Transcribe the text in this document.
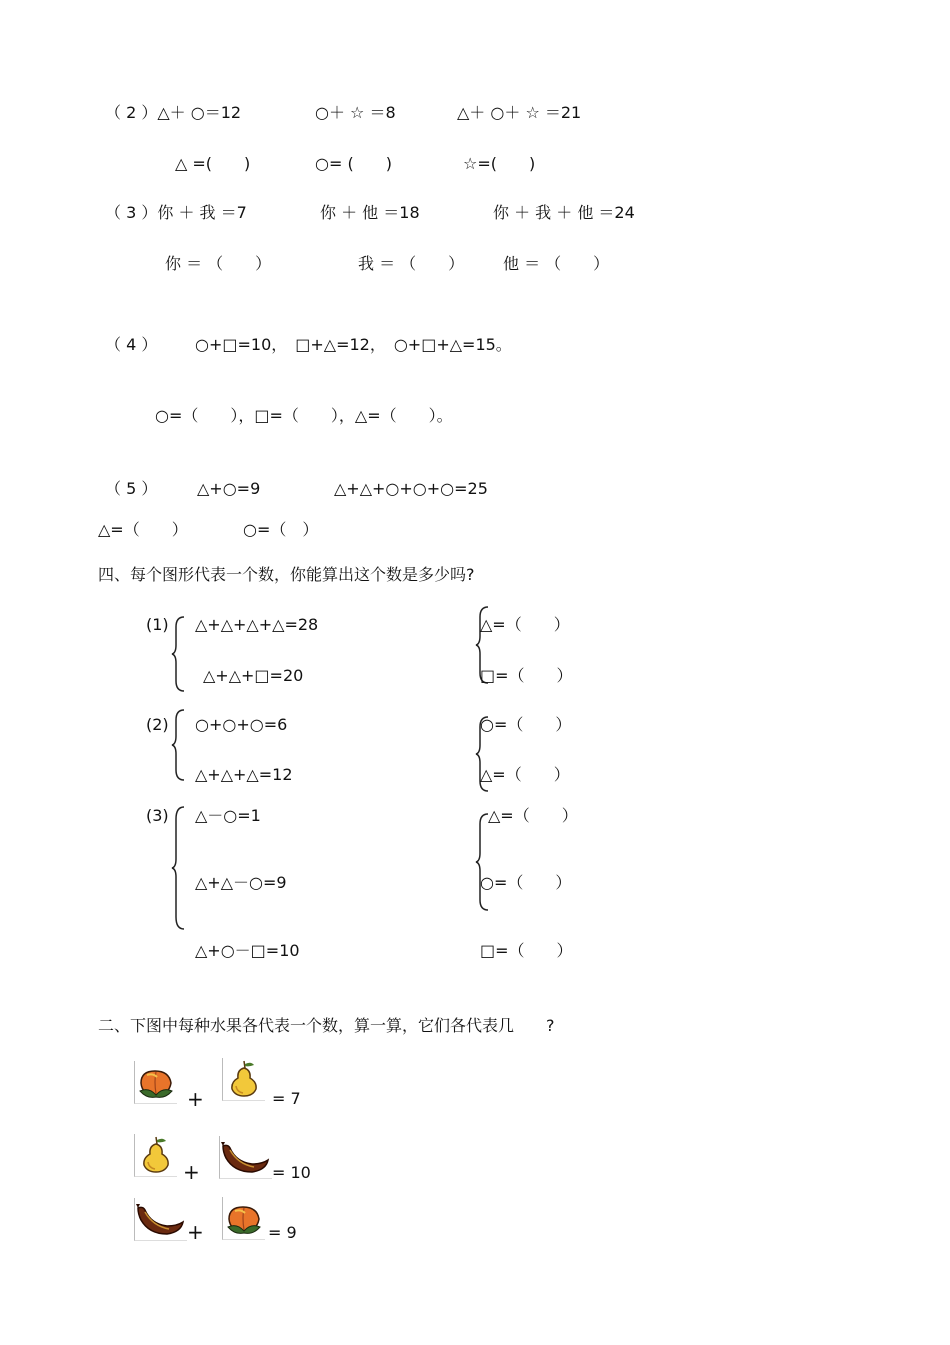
（ 2 ）△＋ ○＝12	○＋ ☆ ＝8	△＋ ○＋ ☆ ＝21
△ =(　　)	○= (　　)	☆=(　　)
（ 3 ）你 ＋ 我 ＝7	你 ＋ 他 ＝18	你 ＋ 我 ＋ 他 ＝24
你 ＝ （　　）	我 ＝ （　　） 他 ＝ （　　）
（ 4 ） ○+□=10，　□+△=12，　○+□+△=15。
○=（　　），□=（　　），△=（　　）。
（ 5 ） △+○=9	△+△+○+○+○=25
△=（　　）	○=（　）
四、每个图形代表一个数，你能算出这个数是多少吗?
(1) △+△+△+△=28
△+△+□=20
△=（　　）
□=（　　）
(2) ○+○+○=6
△+△+△=12
○=（　　）
△=（　　）
(3) △－○=1
△+△－○=9
△+○－□=10
△=（　　）
○=（　　）
□=（　　）
二、下图中每种水果各代表一个数，算一算，它们各代表几　　?
+	= 7
+	= 10
+	= 9
